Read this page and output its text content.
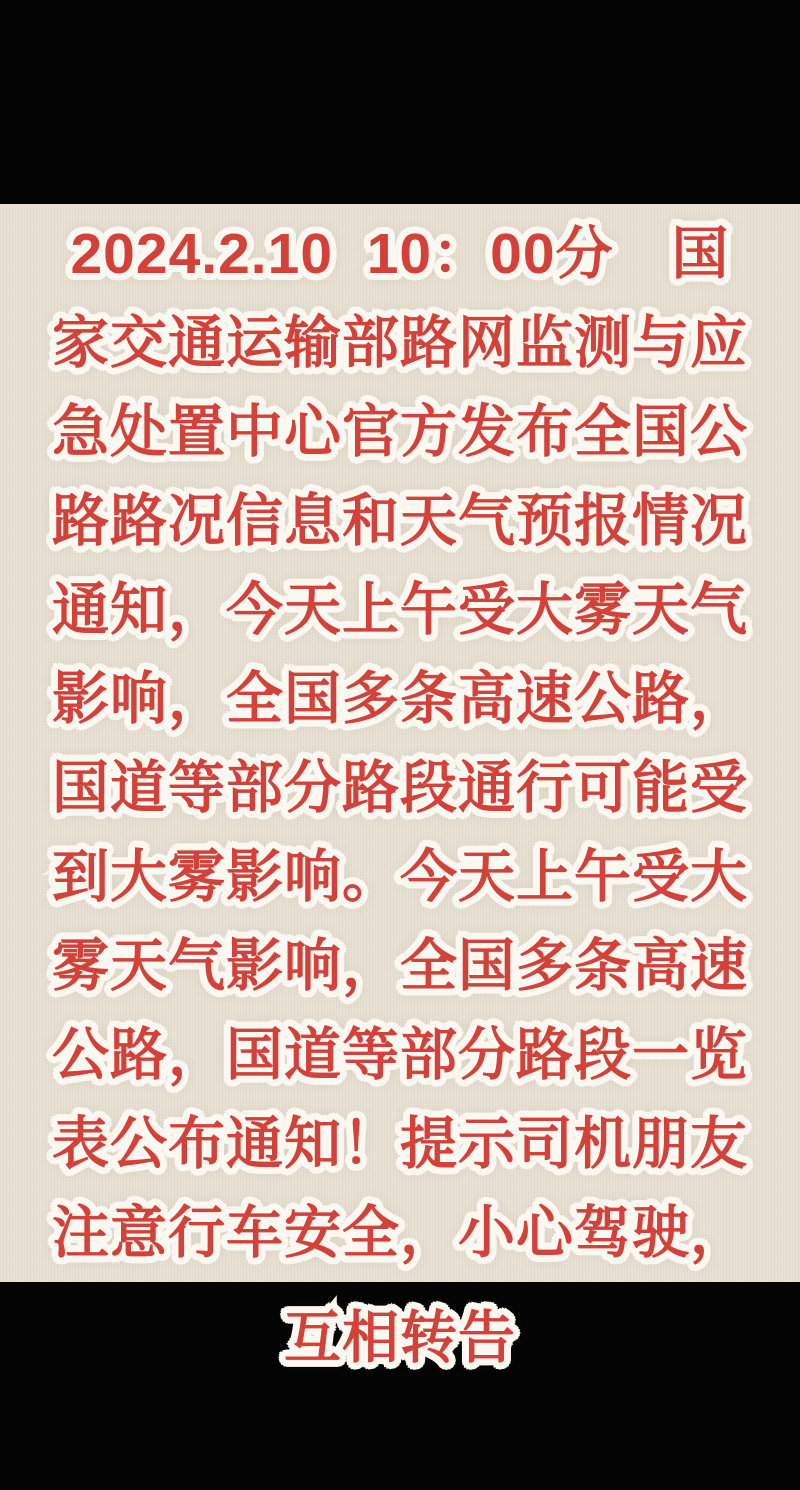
2024.2.10  10：00分　国
家交通运输部路网监测与应
急处置中心官方发布全国公
路路况信息和天气预报情况
通知，今天上午受大雾天气
影响，全国多条高速公路，
国道等部分路段通行可能受
到大雾影响。今天上午受大
雾天气影响，全国多条高速
公路，国道等部分路段一览
表公布通知！提示司机朋友
注意行车安全，小心驾驶，
互相转告
